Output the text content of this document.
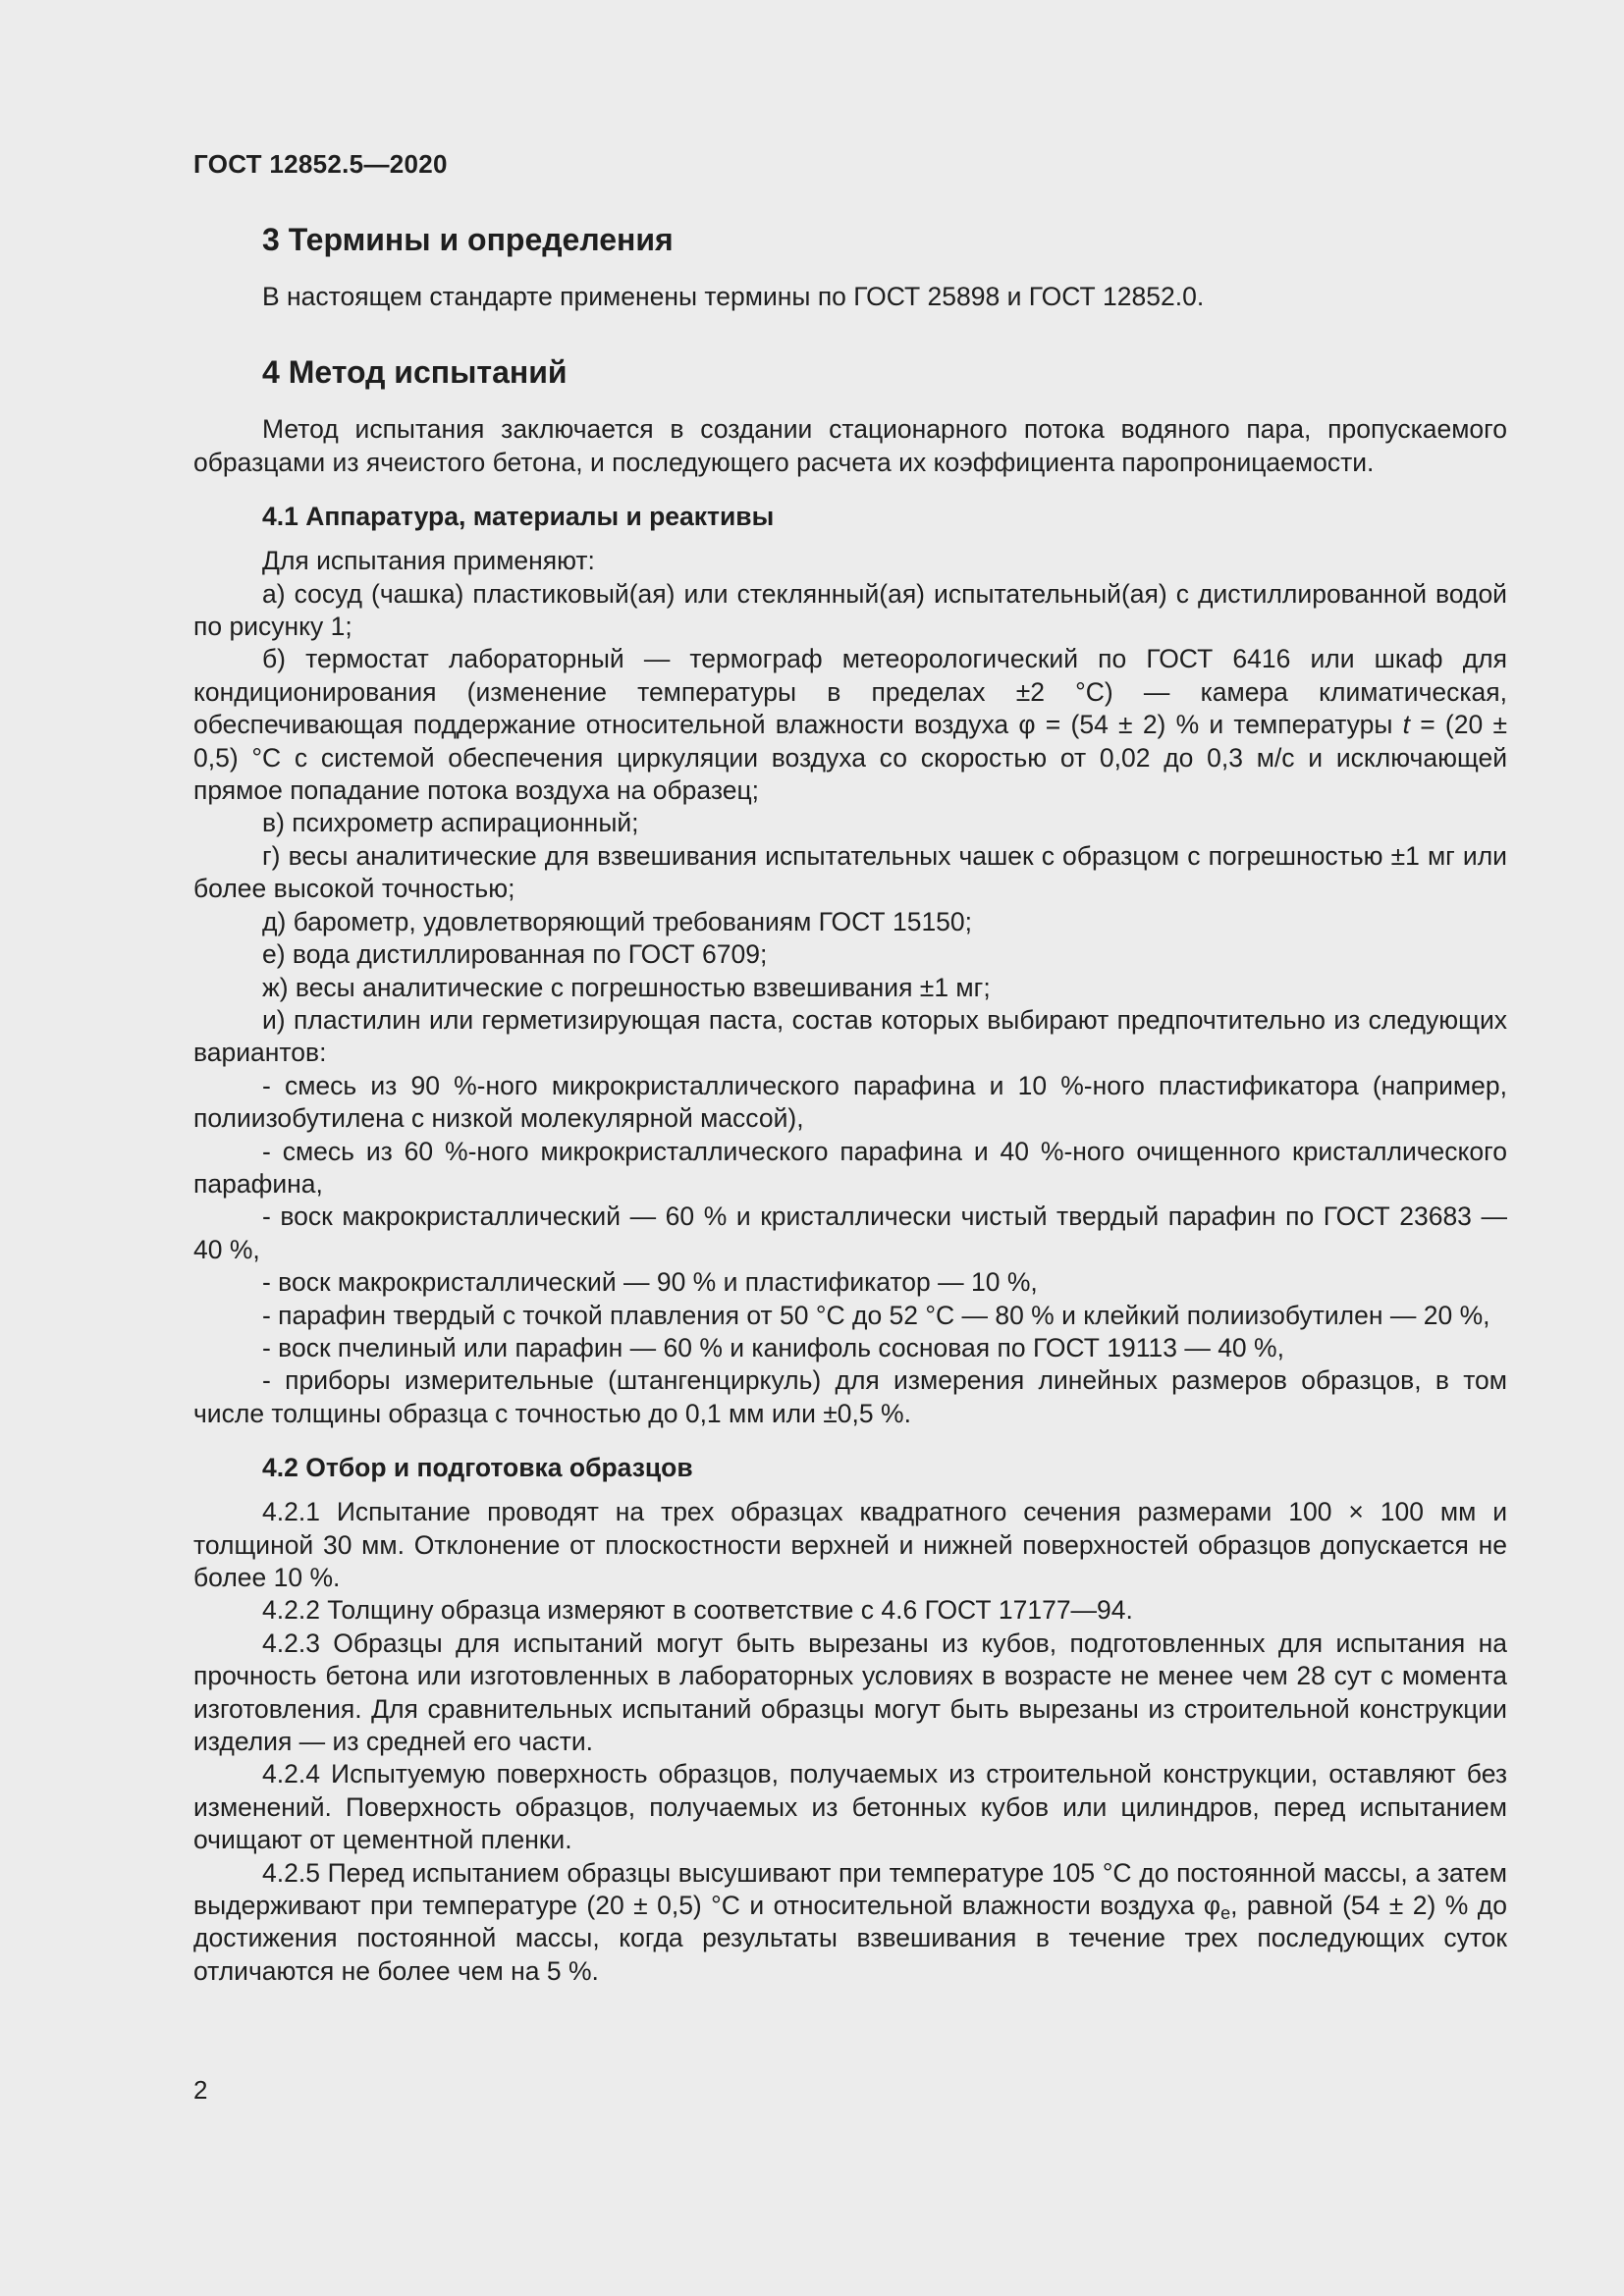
ГОСТ 12852.5—2020
3 Термины и определения

В настоящем стандарте применены термины по ГОСТ 25898 и ГОСТ 12852.0.

4 Метод испытаний

Метод испытания заключается в создании стационарного потока водяного пара, пропускаемого образцами из ячеистого бетона, и последующего расчета их коэффициента паропроницаемости.

4.1 Аппаратура, материалы и реактивы

Для испытания применяют:

а) сосуд (чашка) пластиковый(ая) или стеклянный(ая) испытательный(ая) с дистиллированной водой по рисунку 1;

б) термостат лабораторный — термограф метеорологический по ГОСТ 6416 или шкаф для кондиционирования (изменение температуры в пределах ±2 °С) — камера климатическая, обеспечивающая поддержание относительной влажности воздуха φ = (54 ± 2) % и температуры t = (20 ± 0,5) °С с системой обеспечения циркуляции воздуха со скоростью от 0,02 до 0,3 м/с и исключающей прямое попадание потока воздуха на образец;

в) психрометр аспирационный;

г) весы аналитические для взвешивания испытательных чашек с образцом с погрешностью ±1 мг или более высокой точностью;

д) барометр, удовлетворяющий требованиям ГОСТ 15150;

е) вода дистиллированная по ГОСТ 6709;

ж) весы аналитические с погрешностью взвешивания ±1 мг;

и) пластилин или герметизирующая паста, состав которых выбирают предпочтительно из следующих вариантов:

- смесь из 90 %-ного микрокристаллического парафина и 10 %-ного пластификатора (например, полиизобутилена с низкой молекулярной массой),

- смесь из 60 %-ного микрокристаллического парафина и 40 %-ного очищенного кристаллического парафина,

- воск макрокристаллический — 60 % и кристаллически чистый твердый парафин по ГОСТ 23683 — 40 %,

- воск макрокристаллический — 90 % и пластификатор — 10 %,

- парафин твердый с точкой плавления от 50 °С до 52 °С — 80 % и клейкий полиизобутилен — 20 %,

- воск пчелиный или парафин — 60 % и канифоль сосновая по ГОСТ 19113 — 40 %,

- приборы измерительные (штангенциркуль) для измерения линейных размеров образцов, в том числе толщины образца с точностью до 0,1 мм или ±0,5 %.

4.2 Отбор и подготовка образцов

4.2.1 Испытание проводят на трех образцах квадратного сечения размерами 100 × 100 мм и толщиной 30 мм. Отклонение от плоскостности верхней и нижней поверхностей образцов допускается не более 10 %.

4.2.2 Толщину образца измеряют в соответствие с 4.6 ГОСТ 17177—94.

4.2.3 Образцы для испытаний могут быть вырезаны из кубов, подготовленных для испытания на прочность бетона или изготовленных в лабораторных условиях в возрасте не менее чем 28 сут с момента изготовления. Для сравнительных испытаний образцы могут быть вырезаны из строительной конструкции изделия — из средней его части.

4.2.4 Испытуемую поверхность образцов, получаемых из строительной конструкции, оставляют без изменений. Поверхность образцов, получаемых из бетонных кубов или цилиндров, перед испытанием очищают от цементной пленки.

4.2.5 Перед испытанием образцы высушивают при температуре 105 °С до постоянной массы, а затем выдерживают при температуре (20 ± 0,5) °С и относительной влажности воздуха $\varphi_e$, равной (54 ± 2) % до достижения постоянной массы, когда результаты взвешивания в течение трех последующих суток отличаются не более чем на 5 %.

2
